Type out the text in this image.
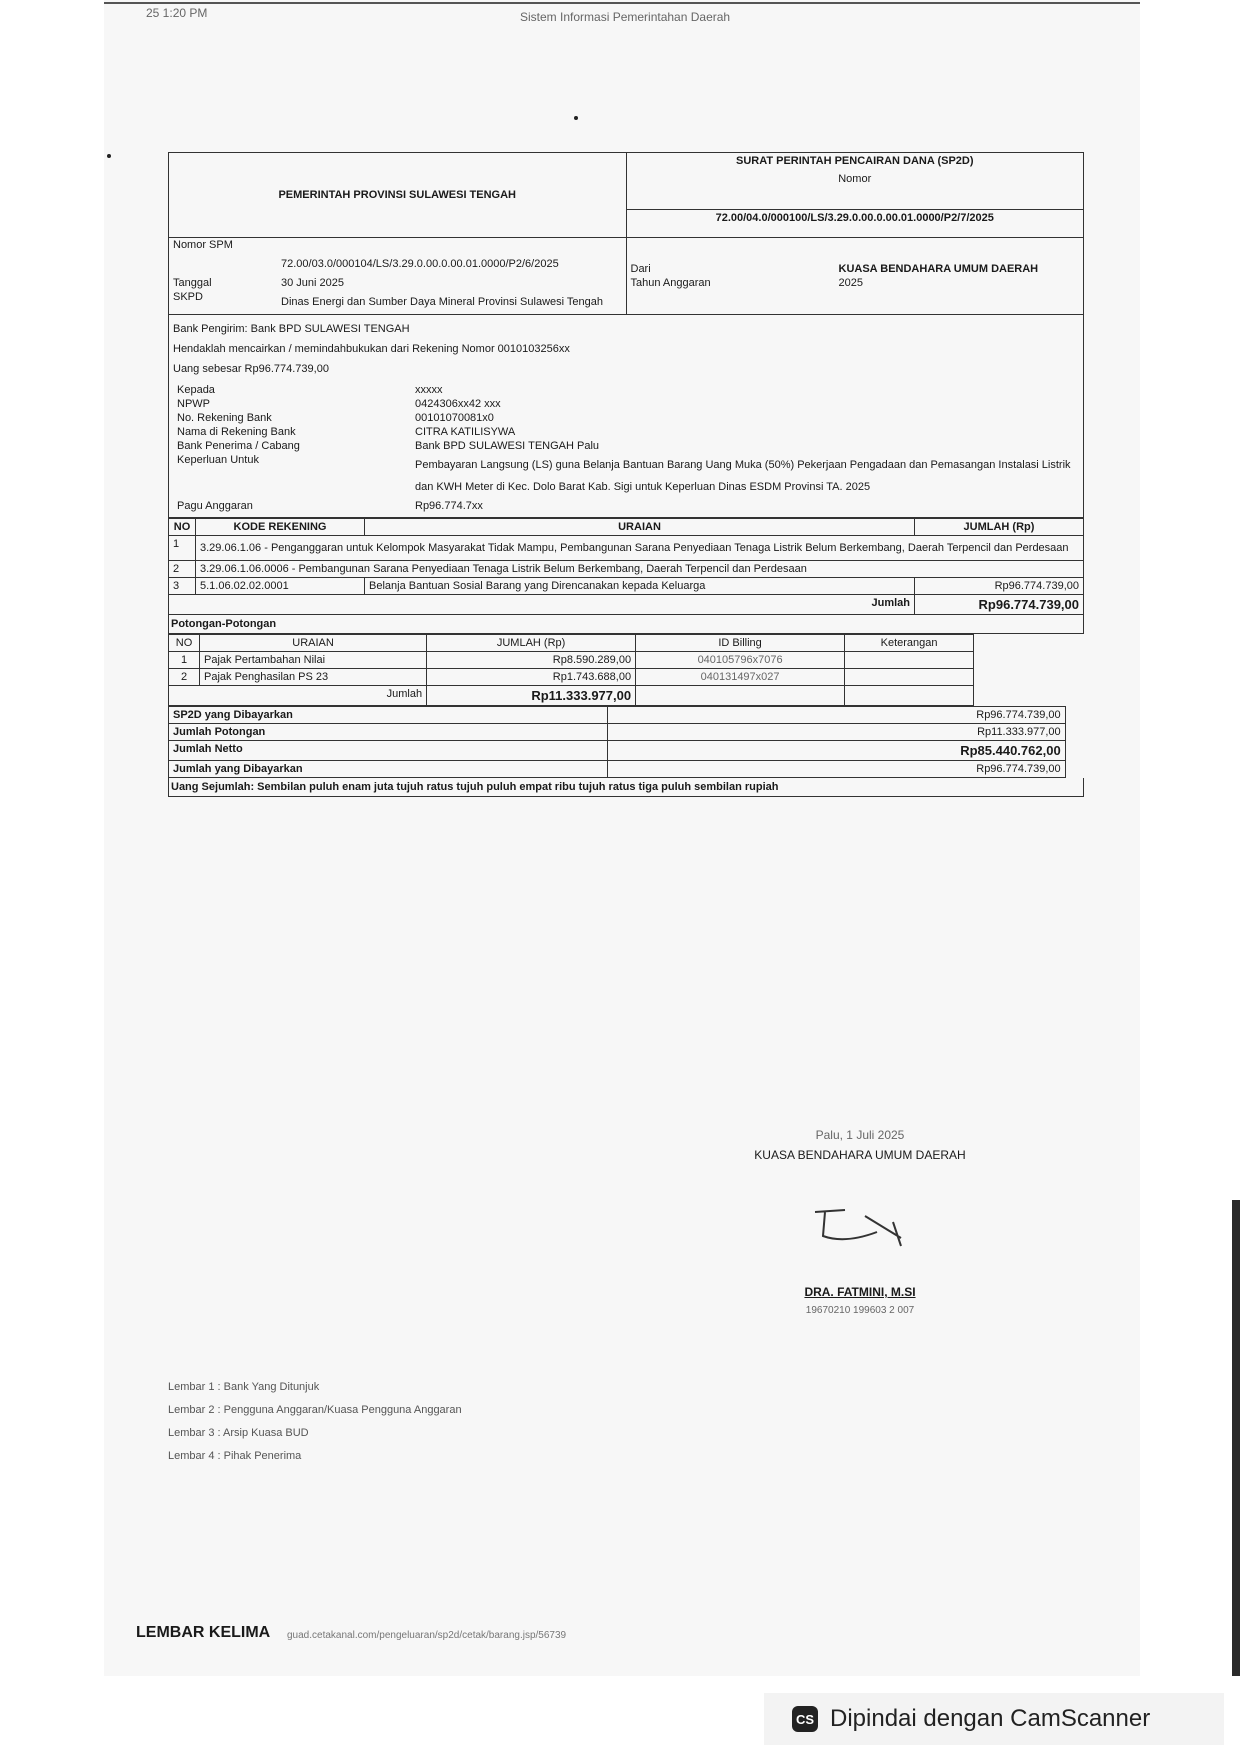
25 1:20 PM	Sistem Informasi Pemerintahan Daerah
PEMERINTAH PROVINSI SULAWESI TENGAH	
SURAT PERINTAH PENCAIRAN DANA (SP2D)
Nomor

72.00/04.0/000100/LS/3.29.0.00.0.00.01.0000/P2/7/2025

Nomor SPM	
	72.00/03.0/000104/LS/3.29.0.00.0.00.01.0000/P2/6/2025
Tanggal	30 Juni 2025
SKPD	Dinas Energi dan Sumber Daya Mineral Provinsi Sulawesi Tengah

Dari	KUASA BENDAHARA UMUM DAERAH
Tahun Anggaran	2025
Bank Pengirim: Bank BPD SULAWESI TENGAH
Hendaklah mencairkan / memindahbukukan dari Rekening Nomor 0010103256xx
Uang sebesar Rp96.774.739,00
Kepada	xxxxx
NPWP	0424306xx42 xxx
No. Rekening Bank	00101070081x0
Nama di Rekening Bank	CITRA KATILISYWA
Bank Penerima / Cabang	Bank BPD SULAWESI TENGAH Palu
Keperluan Untuk	Pembayaran Langsung (LS) guna Belanja Bantuan Barang Uang Muka (50%) Pekerjaan Pengadaan dan Pemasangan Instalasi Listrik dan KWH Meter di Kec. Dolo Barat Kab. Sigi untuk Keperluan Dinas ESDM Provinsi TA. 2025
Pagu Anggaran	Rp96.774.7xx
NO	KODE REKENING	URAIAN	JUMLAH (Rp)
1	3.29.06.1.06 - Penganggaran untuk Kelompok Masyarakat Tidak Mampu, Pembangunan Sarana Penyediaan Tenaga Listrik Belum Berkembang, Daerah Terpencil dan Perdesaan		
2	3.29.06.1.06.0006 - Pembangunan Sarana Penyediaan Tenaga Listrik Belum Berkembang, Daerah Terpencil dan Perdesaan		
3	5.1.06.02.02.0001	Belanja Bantuan Sosial Barang yang Direncanakan kepada Keluarga	Rp96.774.739,00
Jumlah			Rp96.774.739,00
Potongan-Potongan
NO	URAIAN	JUMLAH (Rp)	ID Billing	Keterangan
1	Pajak Pertambahan Nilai	Rp8.590.289,00	040105796x7076	
2	Pajak Penghasilan PS 23	Rp1.743.688,00	040131497x027	
Jumlah		Rp11.333.977,00		
SP2D yang Dibayarkan	Rp96.774.739,00
Jumlah Potongan	Rp11.333.977,00
Jumlah Netto	Rp85.440.762,00
Jumlah yang Dibayarkan	Rp96.774.739,00
Uang Sejumlah: Sembilan puluh enam juta tujuh ratus tujuh puluh empat ribu tujuh ratus tiga puluh sembilan rupiah
Palu, 1 Juli 2025
KUASA BENDAHARA UMUM DAERAH
DRA. FATMINI, M.SI
19670210 199603 2 007
Lembar 1 : Bank Yang Ditunjuk
Lembar 2 : Pengguna Anggaran/Kuasa Pengguna Anggaran
Lembar 3 : Arsip Kuasa BUD
Lembar 4 : Pihak Penerima
LEMBAR KELIMA guad.cetakanal.com/pengeluaran/sp2d/cetak/barang.jsp/56739
CS Dipindai dengan CamScanner
